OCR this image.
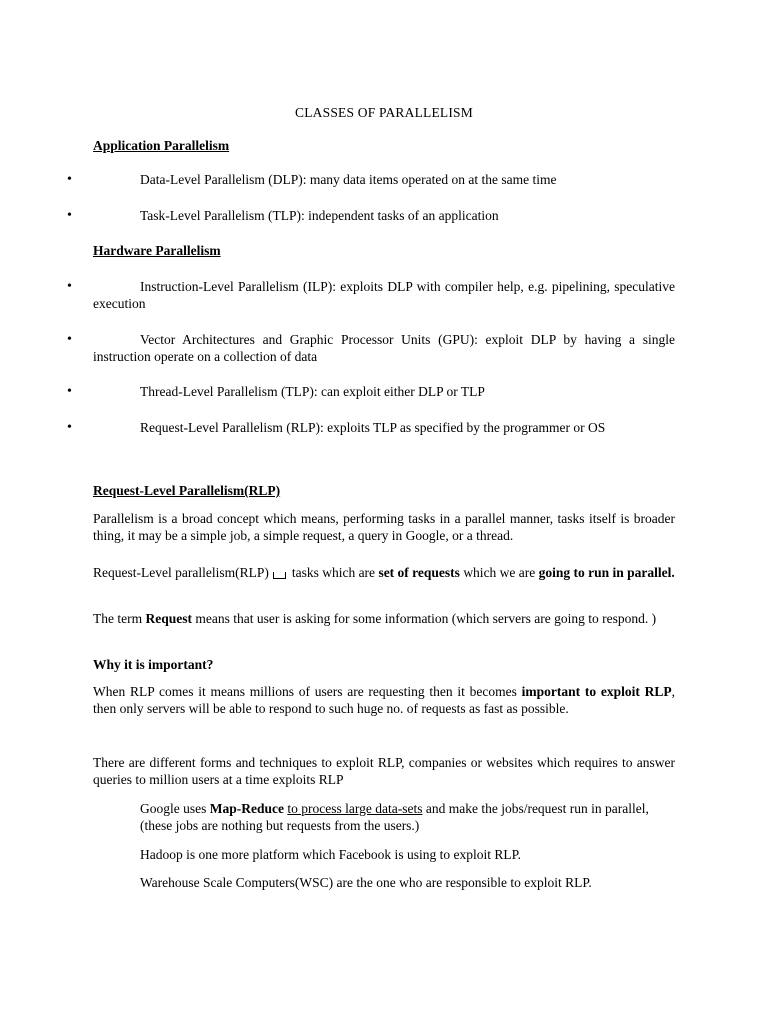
CLASSES OF PARALLELISM
Application Parallelism
•	Data-Level Parallelism (DLP): many data items operated on at the same time
•	Task-Level Parallelism (TLP): independent tasks of an application
Hardware Parallelism
•	Instruction-Level Parallelism (ILP): exploits DLP with compiler help, e.g. pipelining, speculative execution
•	Vector Architectures and Graphic Processor Units (GPU): exploit DLP by having a single instruction operate on a collection of data
•	Thread-Level Parallelism (TLP): can exploit either DLP or TLP
•	Request-Level Parallelism (RLP): exploits TLP as specified by the programmer or OS
Request-Level Parallelism(RLP)
Parallelism is a broad concept which means, performing tasks in a parallel manner, tasks itself is broader thing, it may be a simple job, a simple request, a query in Google, or a thread.
Request-Level parallelism(RLP) tasks which are set of requests which we are going to run in parallel.
The term Request means that user is asking for some information (which servers are going to respond. )
Why it is important?
When RLP comes it means millions of users are requesting then it becomes important to exploit RLP, then only servers will be able to respond to such huge no. of requests as fast as possible.
There are different forms and techniques to exploit RLP, companies or websites which requires to answer queries to million users at a time exploits RLP
Google uses Map-Reduce to process large data-sets and make the jobs/request run in parallel, (these jobs are nothing but requests from the users.)
Hadoop is one more platform which Facebook is using to exploit RLP.
Warehouse Scale Computers(WSC) are the one who are responsible to exploit RLP.
